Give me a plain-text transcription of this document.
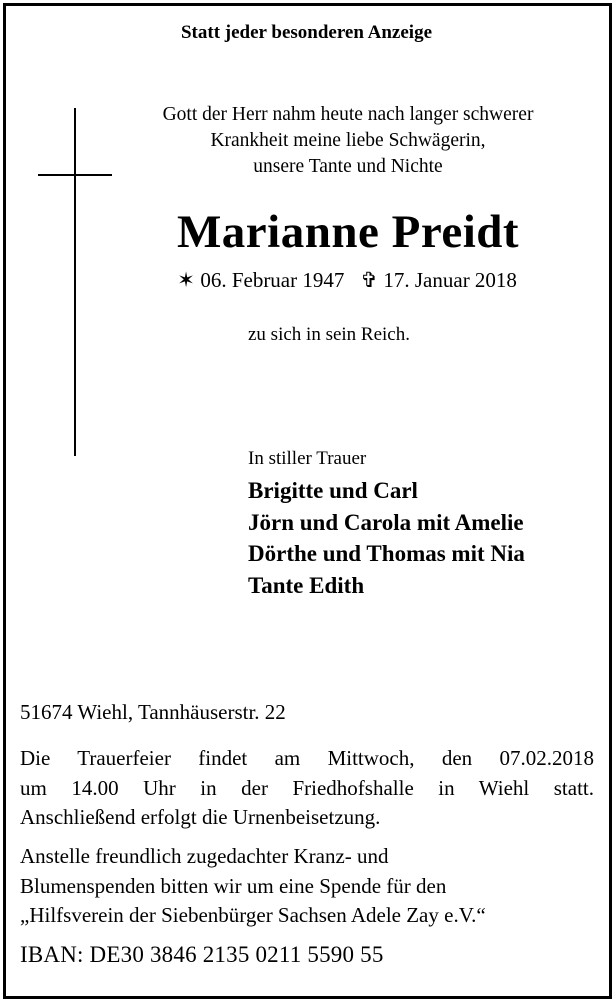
Statt jeder besonderen Anzeige
Gott der Herr nahm heute nach langer schwerer
Krankheit meine liebe Schwägerin,
unsere Tante und Nichte
Marianne Preidt
✶ 06. Februar 1947 ✞ 17. Januar 2018
zu sich in sein Reich.
In stiller Trauer
Brigitte und Carl
Jörn und Carola mit Amelie
Dörthe und Thomas mit Nia
Tante Edith
51674 Wiehl, Tannhäuserstr. 22
Die Trauerfeier findet am Mittwoch, den 07.02.2018
um 14.00 Uhr in der Friedhofshalle in Wiehl statt.
Anschließend erfolgt die Urnenbeisetzung.
Anstelle freundlich zugedachter Kranz- und
Blumenspenden bitten wir um eine Spende für den
„Hilfsverein der Siebenbürger Sachsen Adele Zay e.V.“
IBAN: DE30 3846 2135 0211 5590 55
